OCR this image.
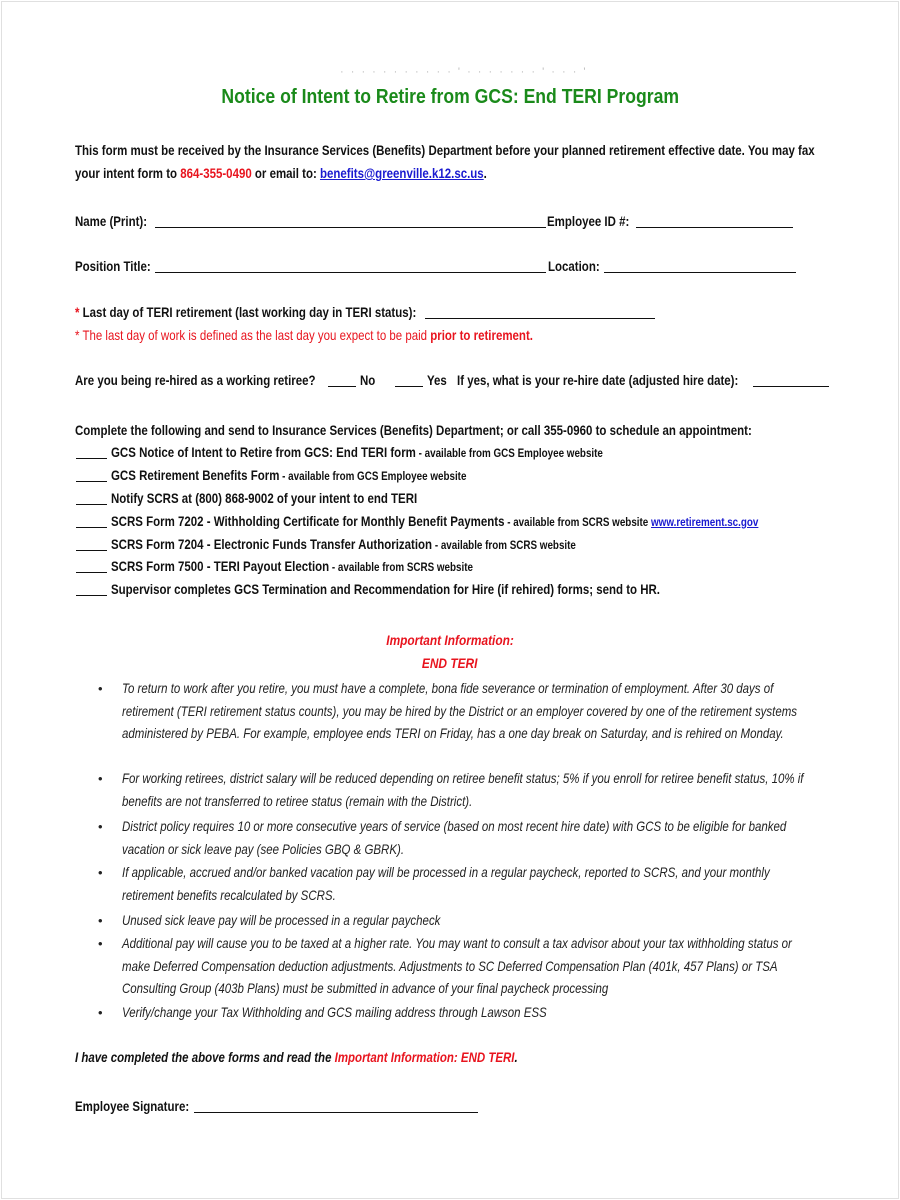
· · · · · · · · · · · ' · · · · · · · ' · · · '
Notice of Intent to Retire from GCS: End TERI Program
This form must be received by the Insurance Services (Benefits) Department before your planned retirement effective date. You may fax
your intent form to 864-355-0490 or email to: benefits@greenville.k12.sc.us.
Name (Print):	Employee ID #:
Position Title:	Location:
* Last day of TERI retirement (last working day in TERI status):
* The last day of work is defined as the last day you expect to be paid prior to retirement.
Are you being re-hired as a working retiree?	No	Yes If yes, what is your re-hire date (adjusted hire date):
Complete the following and send to Insurance Services (Benefits) Department; or call 355-0960 to schedule an appointment:
GCS Notice of Intent to Retire from GCS: End TERI form - available from GCS Employee website
GCS Retirement Benefits Form - available from GCS Employee website
Notify SCRS at (800) 868-9002 of your intent to end TERI
SCRS Form 7202 - Withholding Certificate for Monthly Benefit Payments - available from SCRS website www.retirement.sc.gov
SCRS Form 7204 - Electronic Funds Transfer Authorization - available from SCRS website
SCRS Form 7500 - TERI Payout Election - available from SCRS website
Supervisor completes GCS Termination and Recommendation for Hire (if rehired) forms; send to HR.
Important Information:
END TERI
• To return to work after you retire, you must have a complete, bona fide severance or termination of employment. After 30 days of retirement (TERI retirement status counts), you may be hired by the District or an employer covered by one of the retirement systems administered by PEBA. For example, employee ends TERI on Friday, has a one day break on Saturday, and is rehired on Monday.
• For working retirees, district salary will be reduced depending on retiree benefit status; 5% if you enroll for retiree benefit status, 10% if benefits are not transferred to retiree status (remain with the District).
• District policy requires 10 or more consecutive years of service (based on most recent hire date) with GCS to be eligible for banked vacation or sick leave pay (see Policies GBQ & GBRK).
• If applicable, accrued and/or banked vacation pay will be processed in a regular paycheck, reported to SCRS, and your monthly retirement benefits recalculated by SCRS.
• Unused sick leave pay will be processed in a regular paycheck
• Additional pay will cause you to be taxed at a higher rate. You may want to consult a tax advisor about your tax withholding status or make Deferred Compensation deduction adjustments. Adjustments to SC Deferred Compensation Plan (401k, 457 Plans) or TSA Consulting Group (403b Plans) must be submitted in advance of your final paycheck processing
• Verify/change your Tax Withholding and GCS mailing address through Lawson ESS
I have completed the above forms and read the Important Information: END TERI.
Employee Signature:
